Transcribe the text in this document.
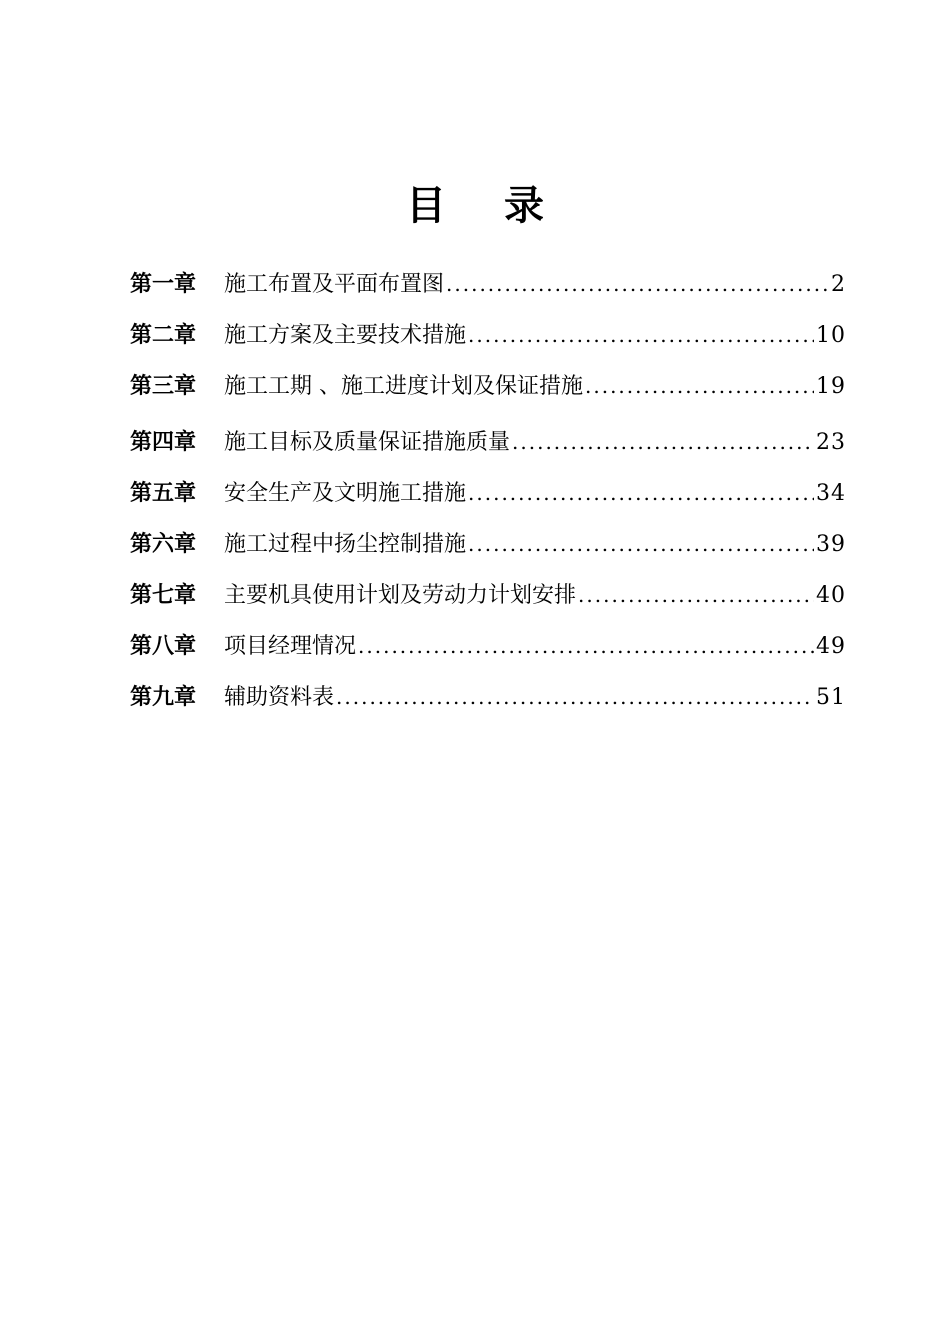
目 录
第一章	施工布置及平面布置图 .....	2
第二章	施工方案及主要技术措施 .....	10
第三章	施工工期 、施工进度计划及保证措施 .....	19
第四章	施工目标及质量保证措施质量 .....	23
第五章	安全生产及文明施工措施 .....	34
第六章	施工过程中扬尘控制措施 .....	39
第七章	主要机具使用计划及劳动力计划安排 .....	40
第八章	项目经理情况 .....	49
第九章	辅助资料表 .....	51
